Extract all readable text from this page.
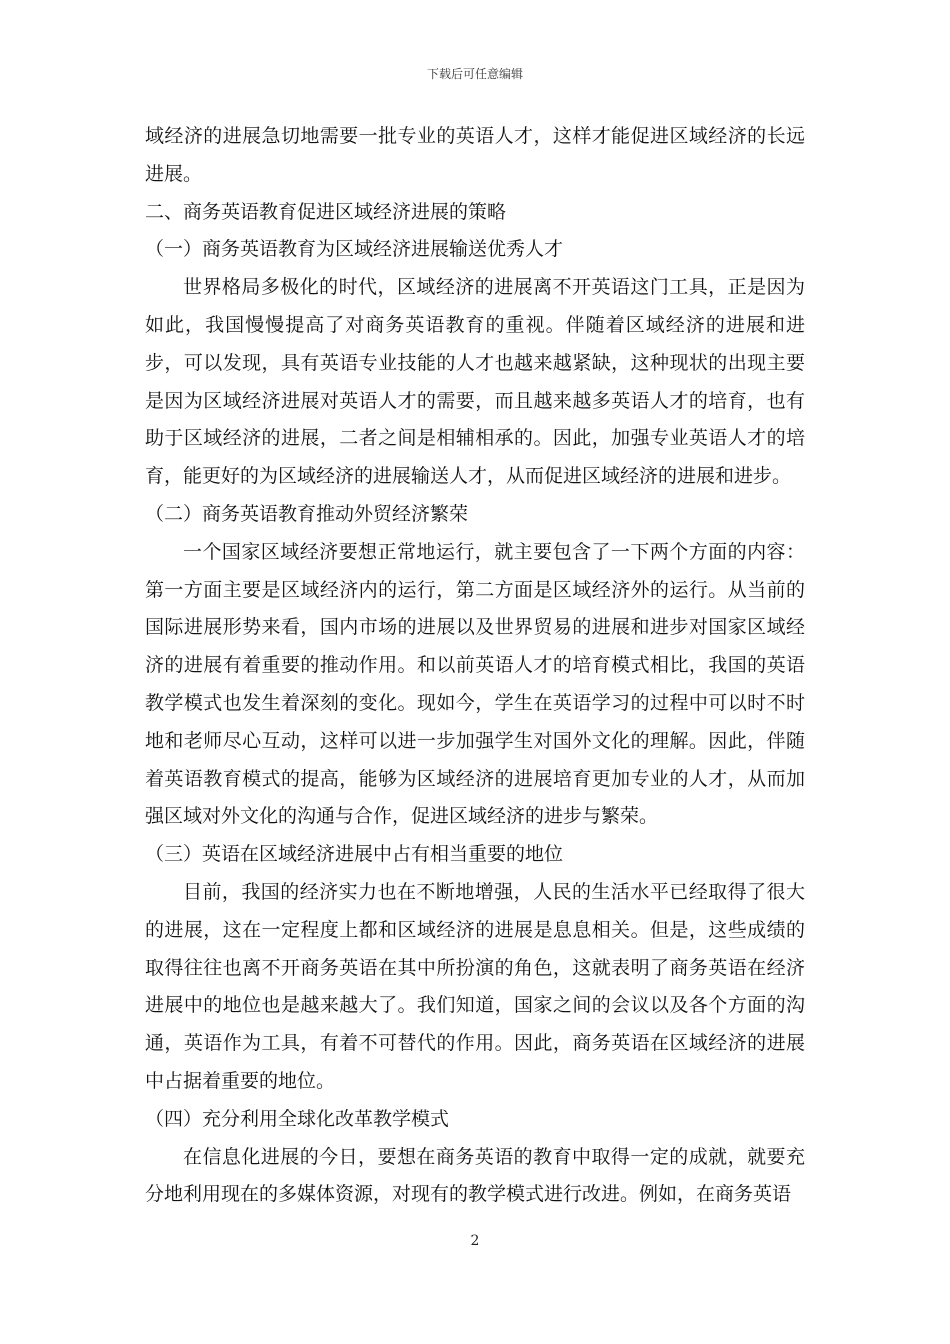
下载后可任意编辑

域经济的进展急切地需要一批专业的英语人才，这样才能促进区域经济的长远进展。

二、商务英语教育促进区域经济进展的策略

（一）商务英语教育为区域经济进展输送优秀人才

世界格局多极化的时代，区域经济的进展离不开英语这门工具，正是因为如此，我国慢慢提高了对商务英语教育的重视。伴随着区域经济的进展和进步，可以发现，具有英语专业技能的人才也越来越紧缺，这种现状的出现主要是因为区域经济进展对英语人才的需要，而且越来越多英语人才的培育，也有助于区域经济的进展，二者之间是相辅相承的。因此，加强专业英语人才的培育，能更好的为区域经济的进展输送人才，从而促进区域经济的进展和进步。

（二）商务英语教育推动外贸经济繁荣

一个国家区域经济要想正常地运行，就主要包含了一下两个方面的内容：第一方面主要是区域经济内的运行，第二方面是区域经济外的运行。从当前的国际进展形势来看，国内市场的进展以及世界贸易的进展和进步对国家区域经济的进展有着重要的推动作用。和以前英语人才的培育模式相比，我国的英语教学模式也发生着深刻的变化。现如今，学生在英语学习的过程中可以时不时地和老师尽心互动，这样可以进一步加强学生对国外文化的理解。因此，伴随着英语教育模式的提高，能够为区域经济的进展培育更加专业的人才，从而加强区域对外文化的沟通与合作，促进区域经济的进步与繁荣。

（三）英语在区域经济进展中占有相当重要的地位

目前，我国的经济实力也在不断地增强，人民的生活水平已经取得了很大的进展，这在一定程度上都和区域经济的进展是息息相关。但是，这些成绩的取得往往也离不开商务英语在其中所扮演的角色，这就表明了商务英语在经济进展中的地位也是越来越大了。我们知道，国家之间的会议以及各个方面的沟通，英语作为工具，有着不可替代的作用。因此，商务英语在区域经济的进展中占据着重要的地位。

（四）充分利用全球化改革教学模式

在信息化进展的今日，要想在商务英语的教育中取得一定的成就，就要充分地利用现在的多媒体资源，对现有的教学模式进行改进。例如，在商务英语

2
